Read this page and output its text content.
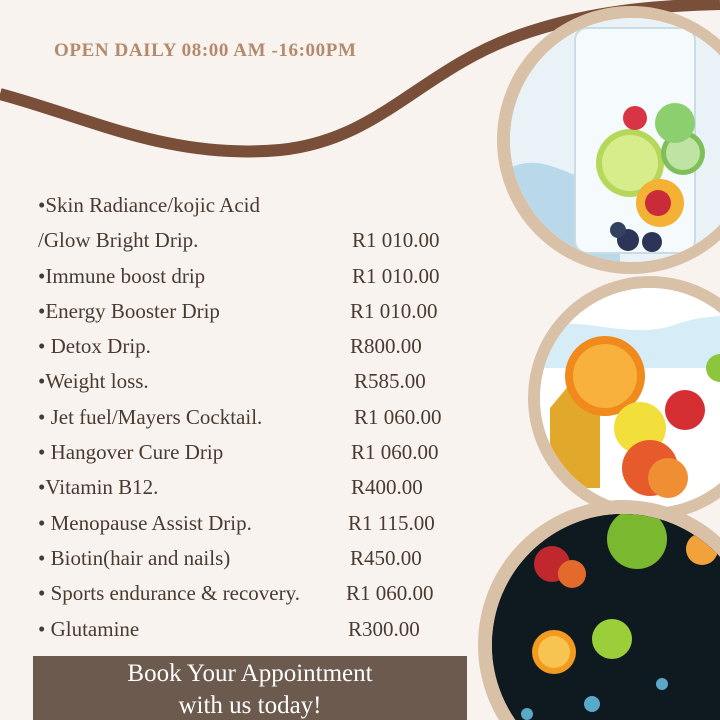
OPEN DAILY 08:00 AM -16:00PM
•Skin Radiance/kojic Acid
/Glow Bright Drip.	R1 010.00
•Immune boost drip	R1 010.00
•Energy Booster Drip	R1 010.00
• Detox Drip.	R800.00
•Weight loss.	R585.00
• Jet fuel/Mayers Cocktail.	R1 060.00
• Hangover Cure Drip	R1 060.00
•Vitamin B12.	R400.00
• Menopause Assist Drip.	R1 115.00
• Biotin(hair and nails)	R450.00
• Sports endurance & recovery. R1 060.00
• Glutamine	R300.00
Book Your Appointment
with us today!
